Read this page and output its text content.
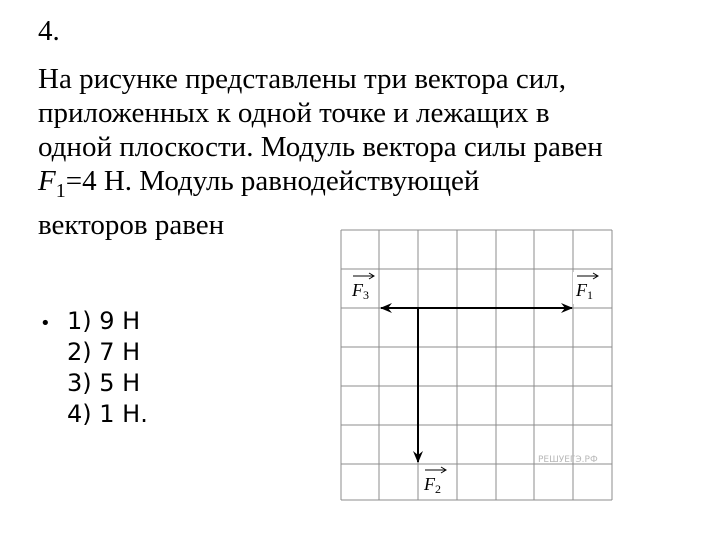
4.
На рисунке представлены три вектора сил,
приложенных к одной точке и лежащих в
одной плоскости. Модуль вектора силы равен
$F_1=4$ Н. Модуль равнодействующей
векторов равен
• 1) 9 Н
2) 7 Н
3) 5 Н
4) 1 Н.
F3	F1
F2
РЕШУЕГЭ.РФ
